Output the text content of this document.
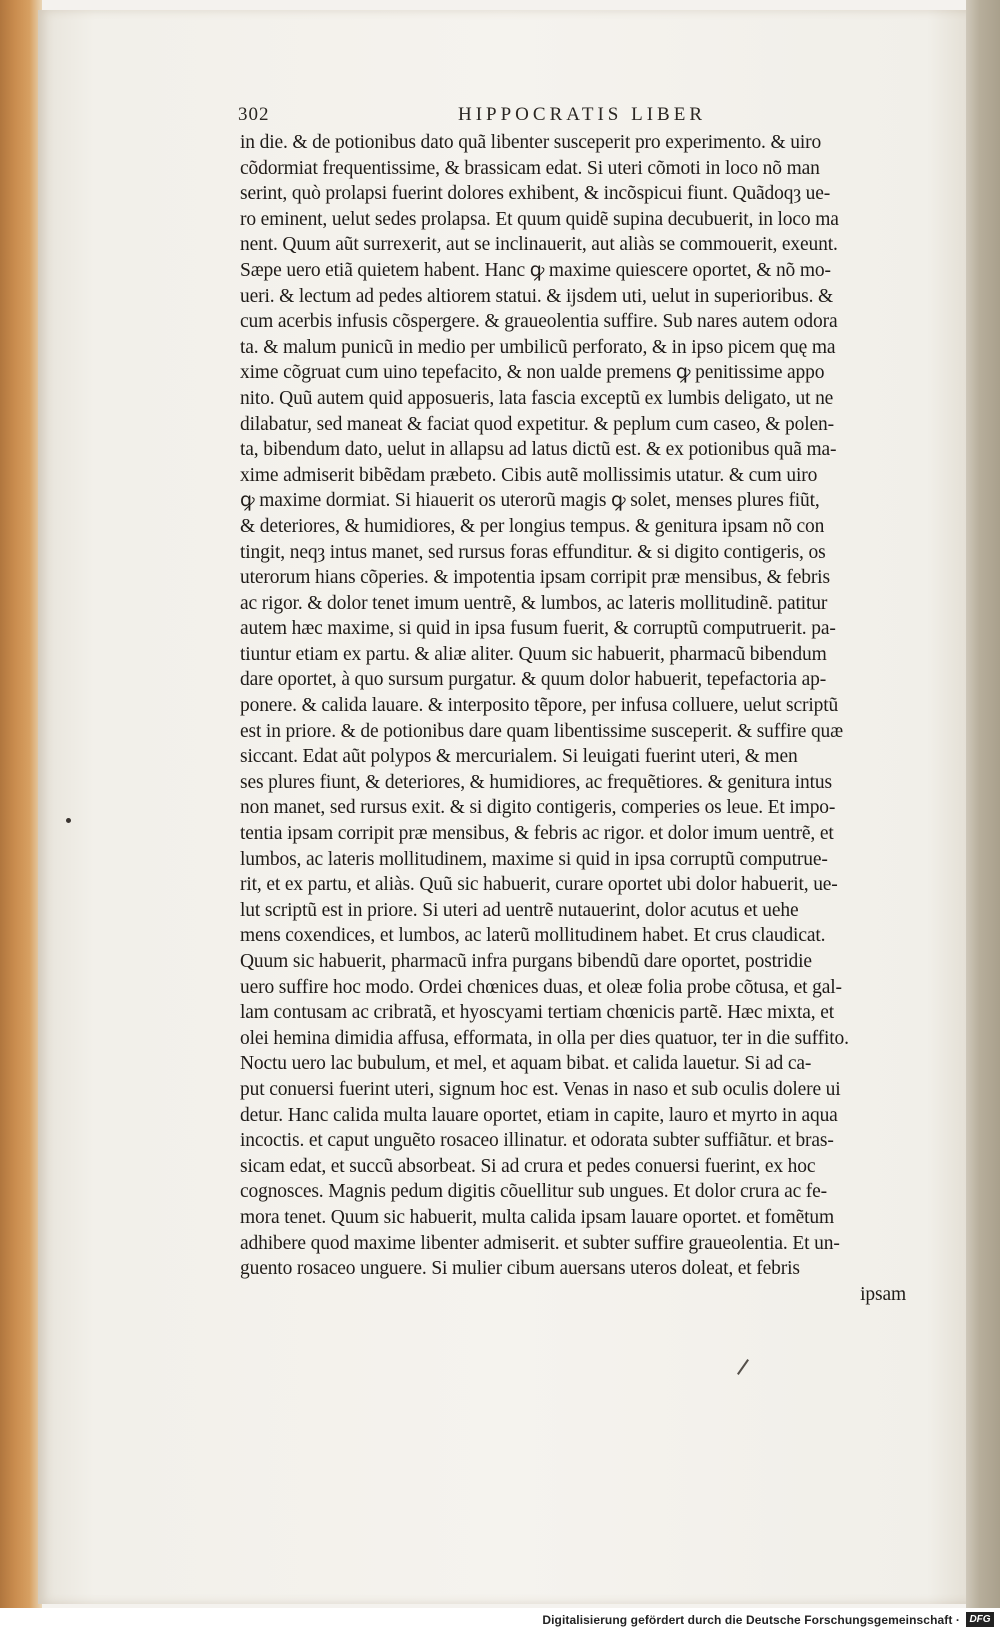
302	HIPPOCRATIS LIBER
in die. & de potionibus dato quã libenter susceperit pro experimento. & uiro
cõdormiat frequentissime, & brassicam edat. Si uteri cõmoti in loco nõ man
serint, quò prolapsi fuerint dolores exhibent, & incõspicui fiunt. Quãdoqȝ ue-
ro eminent, uelut sedes prolapsa. Et quum quidẽ supina decubuerit, in loco ma
nent. Quum aũt surrexerit, aut se inclinauerit, aut aliàs se commouerit, exeunt.
Sæpe uero etiã quietem habent. Hanc ꝙ maxime quiescere oportet, & nõ mo-
ueri. & lectum ad pedes altiorem statui. & ijsdem uti, uelut in superioribus. &
cum acerbis infusis cõspergere. & graueolentia suffire. Sub nares autem odora
ta. & malum punicũ in medio per umbilicũ perforato, & in ipso picem quę ma
xime cõgruat cum uino tepefacito, & non ualde premens ꝙ penitissime appo
nito. Quũ autem quid apposueris, lata fascia exceptũ ex lumbis deligato, ut ne
dilabatur, sed maneat & faciat quod expetitur. & peplum cum caseo, & polen-
ta, bibendum dato, uelut in allapsu ad latus dictũ est. & ex potionibus quã ma-
xime admiserit bibẽdam præbeto. Cibis autẽ mollissimis utatur. & cum uiro
ꝙ maxime dormiat. Si hiauerit os uterorũ magis ꝙ solet, menses plures fiũt,
& deteriores, & humidiores, & per longius tempus. & genitura ipsam nõ con
tingit, neqȝ intus manet, sed rursus foras effunditur. & si digito contigeris, os
uterorum hians cõperies. & impotentia ipsam corripit præ mensibus, & febris
ac rigor. & dolor tenet imum uentrẽ, & lumbos, ac lateris mollitudinẽ. patitur
autem hæc maxime, si quid in ipsa fusum fuerit, & corruptũ computruerit. pa-
tiuntur etiam ex partu. & aliæ aliter. Quum sic habuerit, pharmacũ bibendum
dare oportet, à quo sursum purgatur. & quum dolor habuerit, tepefactoria ap-
ponere. & calida lauare. & interposito tẽpore, per infusa colluere, uelut scriptũ
est in priore. & de potionibus dare quam libentissime susceperit. & suffire quæ
siccant. Edat aũt polypos & mercurialem. Si leuigati fuerint uteri, & men
ses plures fiunt, & deteriores, & humidiores, ac frequẽtiores. & genitura intus
non manet, sed rursus exit. & si digito contigeris, comperies os leue. Et impo-
tentia ipsam corripit præ mensibus, & febris ac rigor. et dolor imum uentrẽ, et
lumbos, ac lateris mollitudinem, maxime si quid in ipsa corruptũ computrue-
rit, et ex partu, et aliàs. Quũ sic habuerit, curare oportet ubi dolor habuerit, ue-
lut scriptũ est in priore. Si uteri ad uentrẽ nutauerint, dolor acutus et uehe
mens coxendices, et lumbos, ac laterũ mollitudinem habet. Et crus claudicat.
Quum sic habuerit, pharmacũ infra purgans bibendũ dare oportet, postridie
uero suffire hoc modo. Ordei chœnices duas, et oleæ folia probe cõtusa, et gal-
lam contusam ac cribratã, et hyoscyami tertiam chœnicis partẽ. Hæc mixta, et
olei hemina dimidia affusa, efformata, in olla per dies quatuor, ter in die suffito.
Noctu uero lac bubulum, et mel, et aquam bibat. et calida lauetur. Si ad ca-
put conuersi fuerint uteri, signum hoc est. Venas in naso et sub oculis dolere ui
detur. Hanc calida multa lauare oportet, etiam in capite, lauro et myrto in aqua
incoctis. et caput unguẽto rosaceo illinatur. et odorata subter suffiãtur. et bras-
sicam edat, et succũ absorbeat. Si ad crura et pedes conuersi fuerint, ex hoc
cognosces. Magnis pedum digitis cõuellitur sub ungues. Et dolor crura ac fe-
mora tenet. Quum sic habuerit, multa calida ipsam lauare oportet. et fomẽtum
adhibere quod maxime libenter admiserit. et subter suffire graueolentia. Et un-
guento rosaceo unguere. Si mulier cibum auersans uteros doleat, et febris
ipsam
Digitalisierung gefördert durch die Deutsche Forschungsgemeinschaft · DFG
